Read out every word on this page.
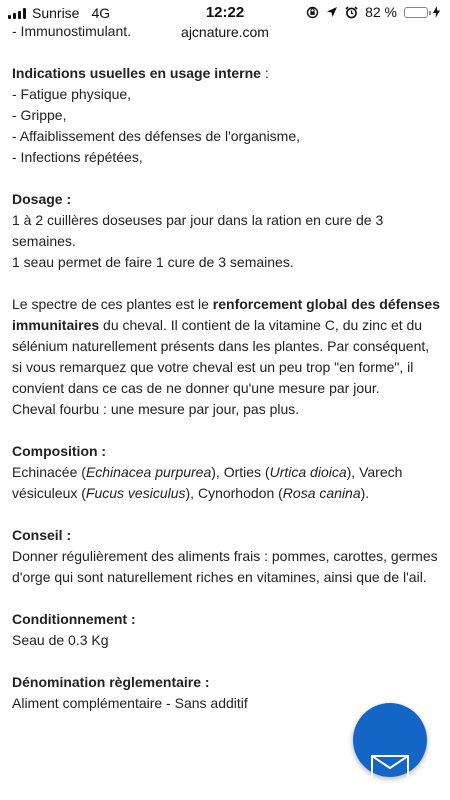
Sunrise 4G	12:22	82 %
ajcnature.com

- Immunostimulant.

Indications usuelles en usage interne :

- Fatigue physique,

- Grippe,

- Affaiblissement des défenses de l'organisme,

- Infections répétées,

Dosage :

1 à 2 cuillères doseuses par jour dans la ration en cure de 3 semaines.

1 seau permet de faire 1 cure de 3 semaines.

Le spectre de ces plantes est le renforcement global des défenses immunitaires du cheval. Il contient de la vitamine C, du zinc et du sélénium naturellement présents dans les plantes. Par conséquent, si vous remarquez que votre cheval est un peu trop "en forme", il convient dans ce cas de ne donner qu'une mesure par jour.

Cheval fourbu : une mesure par jour, pas plus.

Composition :

Echinacée (Echinacea purpurea), Orties (Urtica dioica), Varech vésiculeux (Fucus vesiculus), Cynorhodon (Rosa canina).

Conseil :

Donner régulièrement des aliments frais : pommes, carottes, germes d'orge qui sont naturellement riches en vitamines, ainsi que de l'ail.

Conditionnement :

Seau de 0.3 Kg

Dénomination règlementaire :

Aliment complémentaire - Sans additif
